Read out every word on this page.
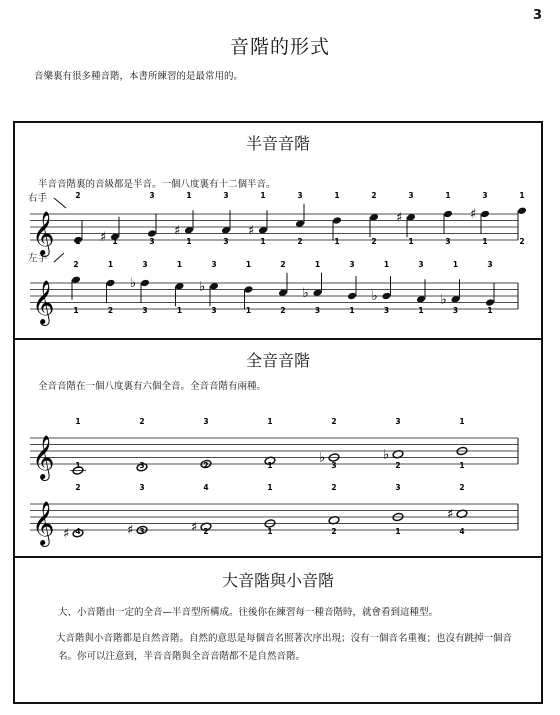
3
音階的形式
音樂裏有很多種音階，本書所練習的是最常用的。
半音音階
半音音階裏的音級都是半音。一個八度裏有十二個半音。
右手
左手
全音音階
全音音階在一個八度裏有六個全音。全音音階有兩種。
大音階與小音階
大、小音階由一定的全音—半音型所構成。往後你在練習每一種音階時，就會看到這種型。
大音階與小音階都是自然音階。自然的意思是每個音名照著次序出現；沒有一個音名重複；也沒有跳掉一個音名。你可以注意到，半音音階與全音音階都不是自然音階。
𝄞
2
1 ♯ 1
3
3
♯
1
1
3
3
♯
1
1
3
2
1
1
2
2
♯
3
1
1
3
♯
3
1
1
2
𝄞
2
1
1
2
♭
3
3
1
1
♭
3
3
1
1
2
2
♭
1
3
3
1
♭
1
3
3
1
♭
1
3
3
1
𝄞
1
1
2
3
3
2
1
1	♭
2
3
♭
3
2
1
1
𝄞 ♯
2
4	♯
3
3	♯
4
2
1
1
2
2
3
1
♯
2
4
